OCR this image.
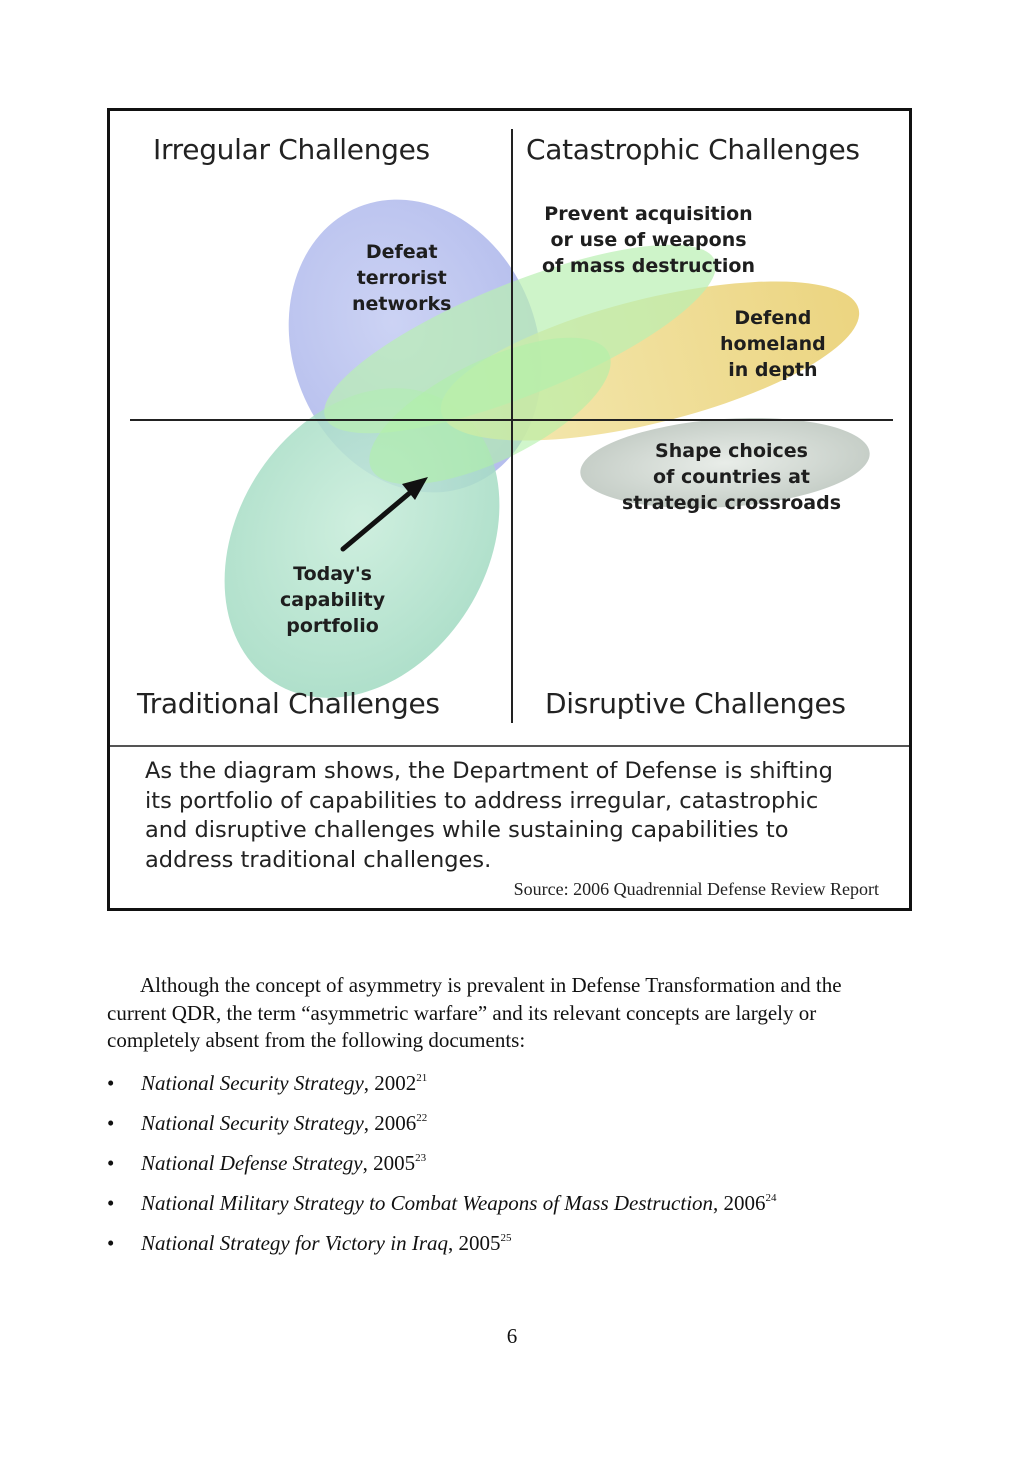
Irregular Challenges	Catastrophic Challenges
Traditional Challenges	Disruptive Challenges
Defeat
terrorist
networks
Prevent acquisition
or use of weapons
of mass destruction
Defend
homeland
in depth
Shape choices
of countries at
strategic crossroads
Today's
capability
portfolio
As the diagram shows, the Department of Defense is shifting
its portfolio of capabilities to address irregular, catastrophic
and disruptive challenges while sustaining capabilities to
address traditional challenges.
Source: 2006 Quadrennial Defense Review Report
Although the concept of asymmetry is prevalent in Defense Transformation and the
current QDR, the term “asymmetric warfare” and its relevant concepts are largely or
completely absent from the following documents:
• National Security Strategy, 2002$^{21}$
• National Security Strategy, 2006$^{22}$
• National Defense Strategy, 2005$^{23}$
• National Military Strategy to Combat Weapons of Mass Destruction, 2006$^{24}$
• National Strategy for Victory in Iraq, 2005$^{25}$
6
